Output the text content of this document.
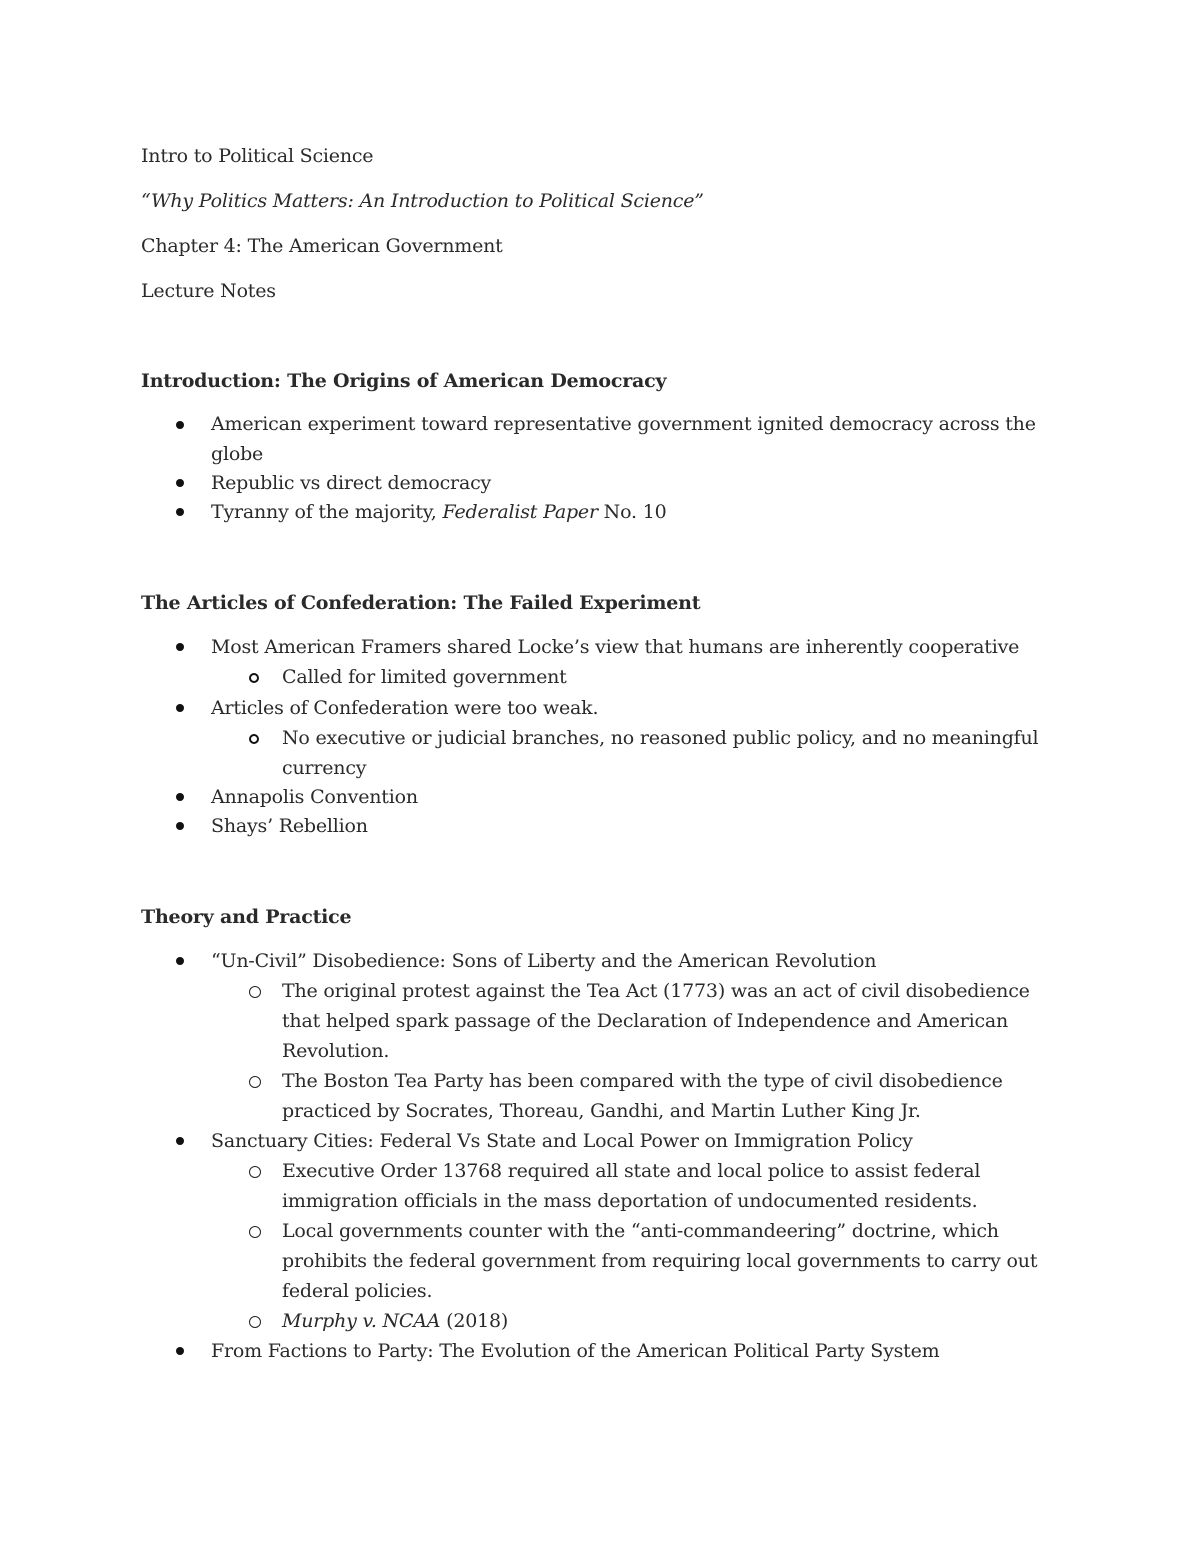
Intro to Political Science
“Why Politics Matters: An Introduction to Political Science”
Chapter 4: The American Government
Lecture Notes
Introduction: The Origins of American Democracy
American experiment toward representative government ignited democracy across the
globe
Republic vs direct democracy
Tyranny of the majority, Federalist Paper No. 10
The Articles of Confederation: The Failed Experiment
Most American Framers shared Locke’s view that humans are inherently cooperative
Called for limited government
Articles of Confederation were too weak.
No executive or judicial branches, no reasoned public policy, and no meaningful
currency
Annapolis Convention
Shays’ Rebellion
Theory and Practice
“Un-Civil” Disobedience: Sons of Liberty and the American Revolution
The original protest against the Tea Act (1773) was an act of civil disobedience
that helped spark passage of the Declaration of Independence and American
Revolution.
The Boston Tea Party has been compared with the type of civil disobedience
practiced by Socrates, Thoreau, Gandhi, and Martin Luther King Jr.
Sanctuary Cities: Federal Vs State and Local Power on Immigration Policy
Executive Order 13768 required all state and local police to assist federal
immigration officials in the mass deportation of undocumented residents.
Local governments counter with the “anti-commandeering” doctrine, which
prohibits the federal government from requiring local governments to carry out
federal policies.
Murphy v. NCAA (2018)
From Factions to Party: The Evolution of the American Political Party System
